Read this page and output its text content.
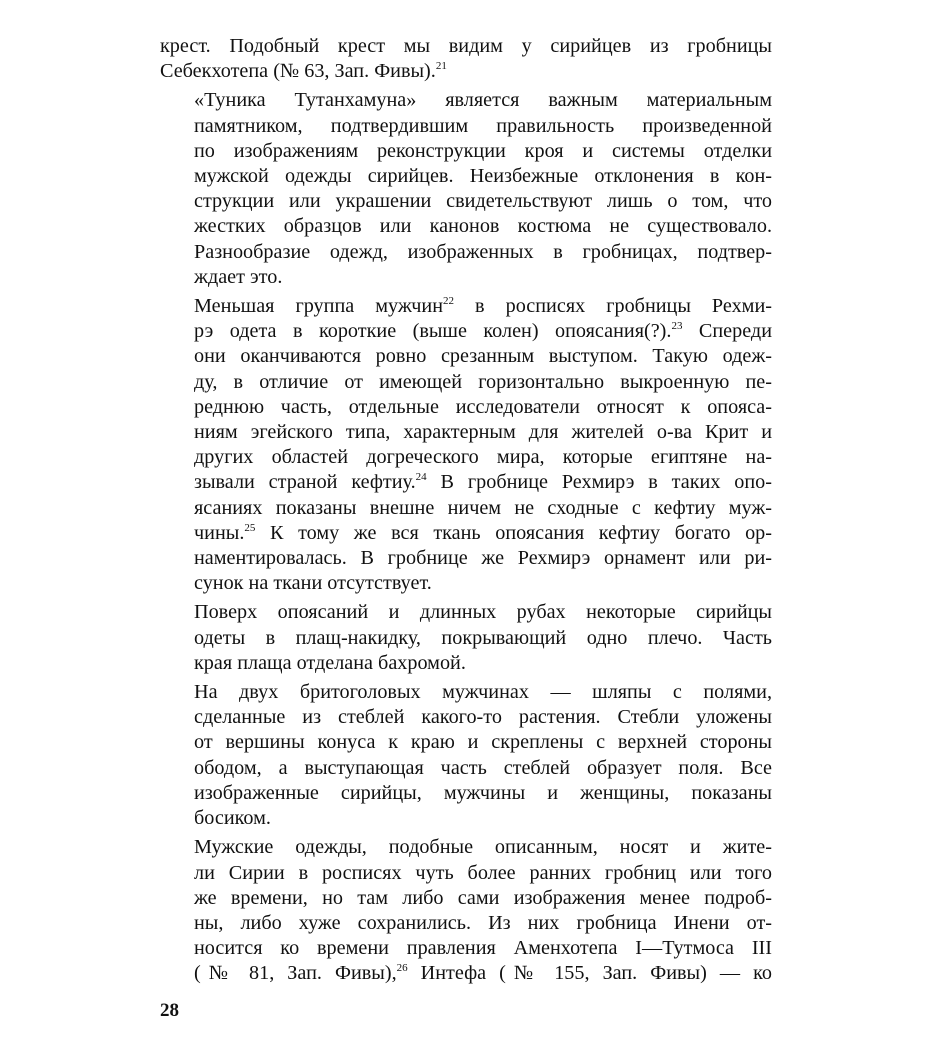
крест. Подобный крест мы видим у сирийцев из гробницы
Себекхотепа (№ 63, Зап. Фивы).$^{21}$

«Туника Тутанхамуна» является важным материальным
памятником, подтвердившим правильность произведенной
по изображениям реконструкции кроя и системы отделки
мужской одежды сирийцев. Неизбежные отклонения в кон-
струкции или украшении свидетельствуют лишь о том, что
жестких образцов или канонов костюма не существовало.
Разнообразие одежд, изображенных в гробницах, подтвер-
ждает это.

Меньшая группа мужчин$^{22}$ в росписях гробницы Рехми-
рэ одета в короткие (выше колен) опоясания(?).$^{23}$ Спереди
они оканчиваются ровно срезанным выступом. Такую одеж-
ду, в отличие от имеющей горизонтально выкроенную пе-
реднюю часть, отдельные исследователи относят к опояса-
ниям эгейского типа, характерным для жителей о-ва Крит и
других областей догреческого мира, которые египтяне на-
зывали страной кефтиу.$^{24}$ В гробнице Рехмирэ в таких опо-
ясаниях показаны внешне ничем не сходные с кефтиу муж-
чины.$^{25}$ К тому же вся ткань опоясания кефтиу богато ор-
наментировалась. В гробнице же Рехмирэ орнамент или ри-
сунок на ткани отсутствует.

Поверх опоясаний и длинных рубах некоторые сирийцы
одеты в плащ-накидку, покрывающий одно плечо. Часть
края плаща отделана бахромой.

На двух бритоголовых мужчинах — шляпы с полями,
сделанные из стеблей какого-то растения. Стебли уложены
от вершины конуса к краю и скреплены с верхней стороны
ободом, а выступающая часть стеблей образует поля. Все
изображенные сирийцы, мужчины и женщины, показаны
босиком.

Мужские одежды, подобные описанным, носят и жите-
ли Сирии в росписях чуть более ранних гробниц или того
же времени, но там либо сами изображения менее подроб-
ны, либо хуже сохранились. Из них гробница Инени от-
носится ко времени правления Аменхотепа I—Тутмоса III
(№ 81, Зап. Фивы),$^{26}$ Интефа (№ 155, Зап. Фивы) — ко

28
